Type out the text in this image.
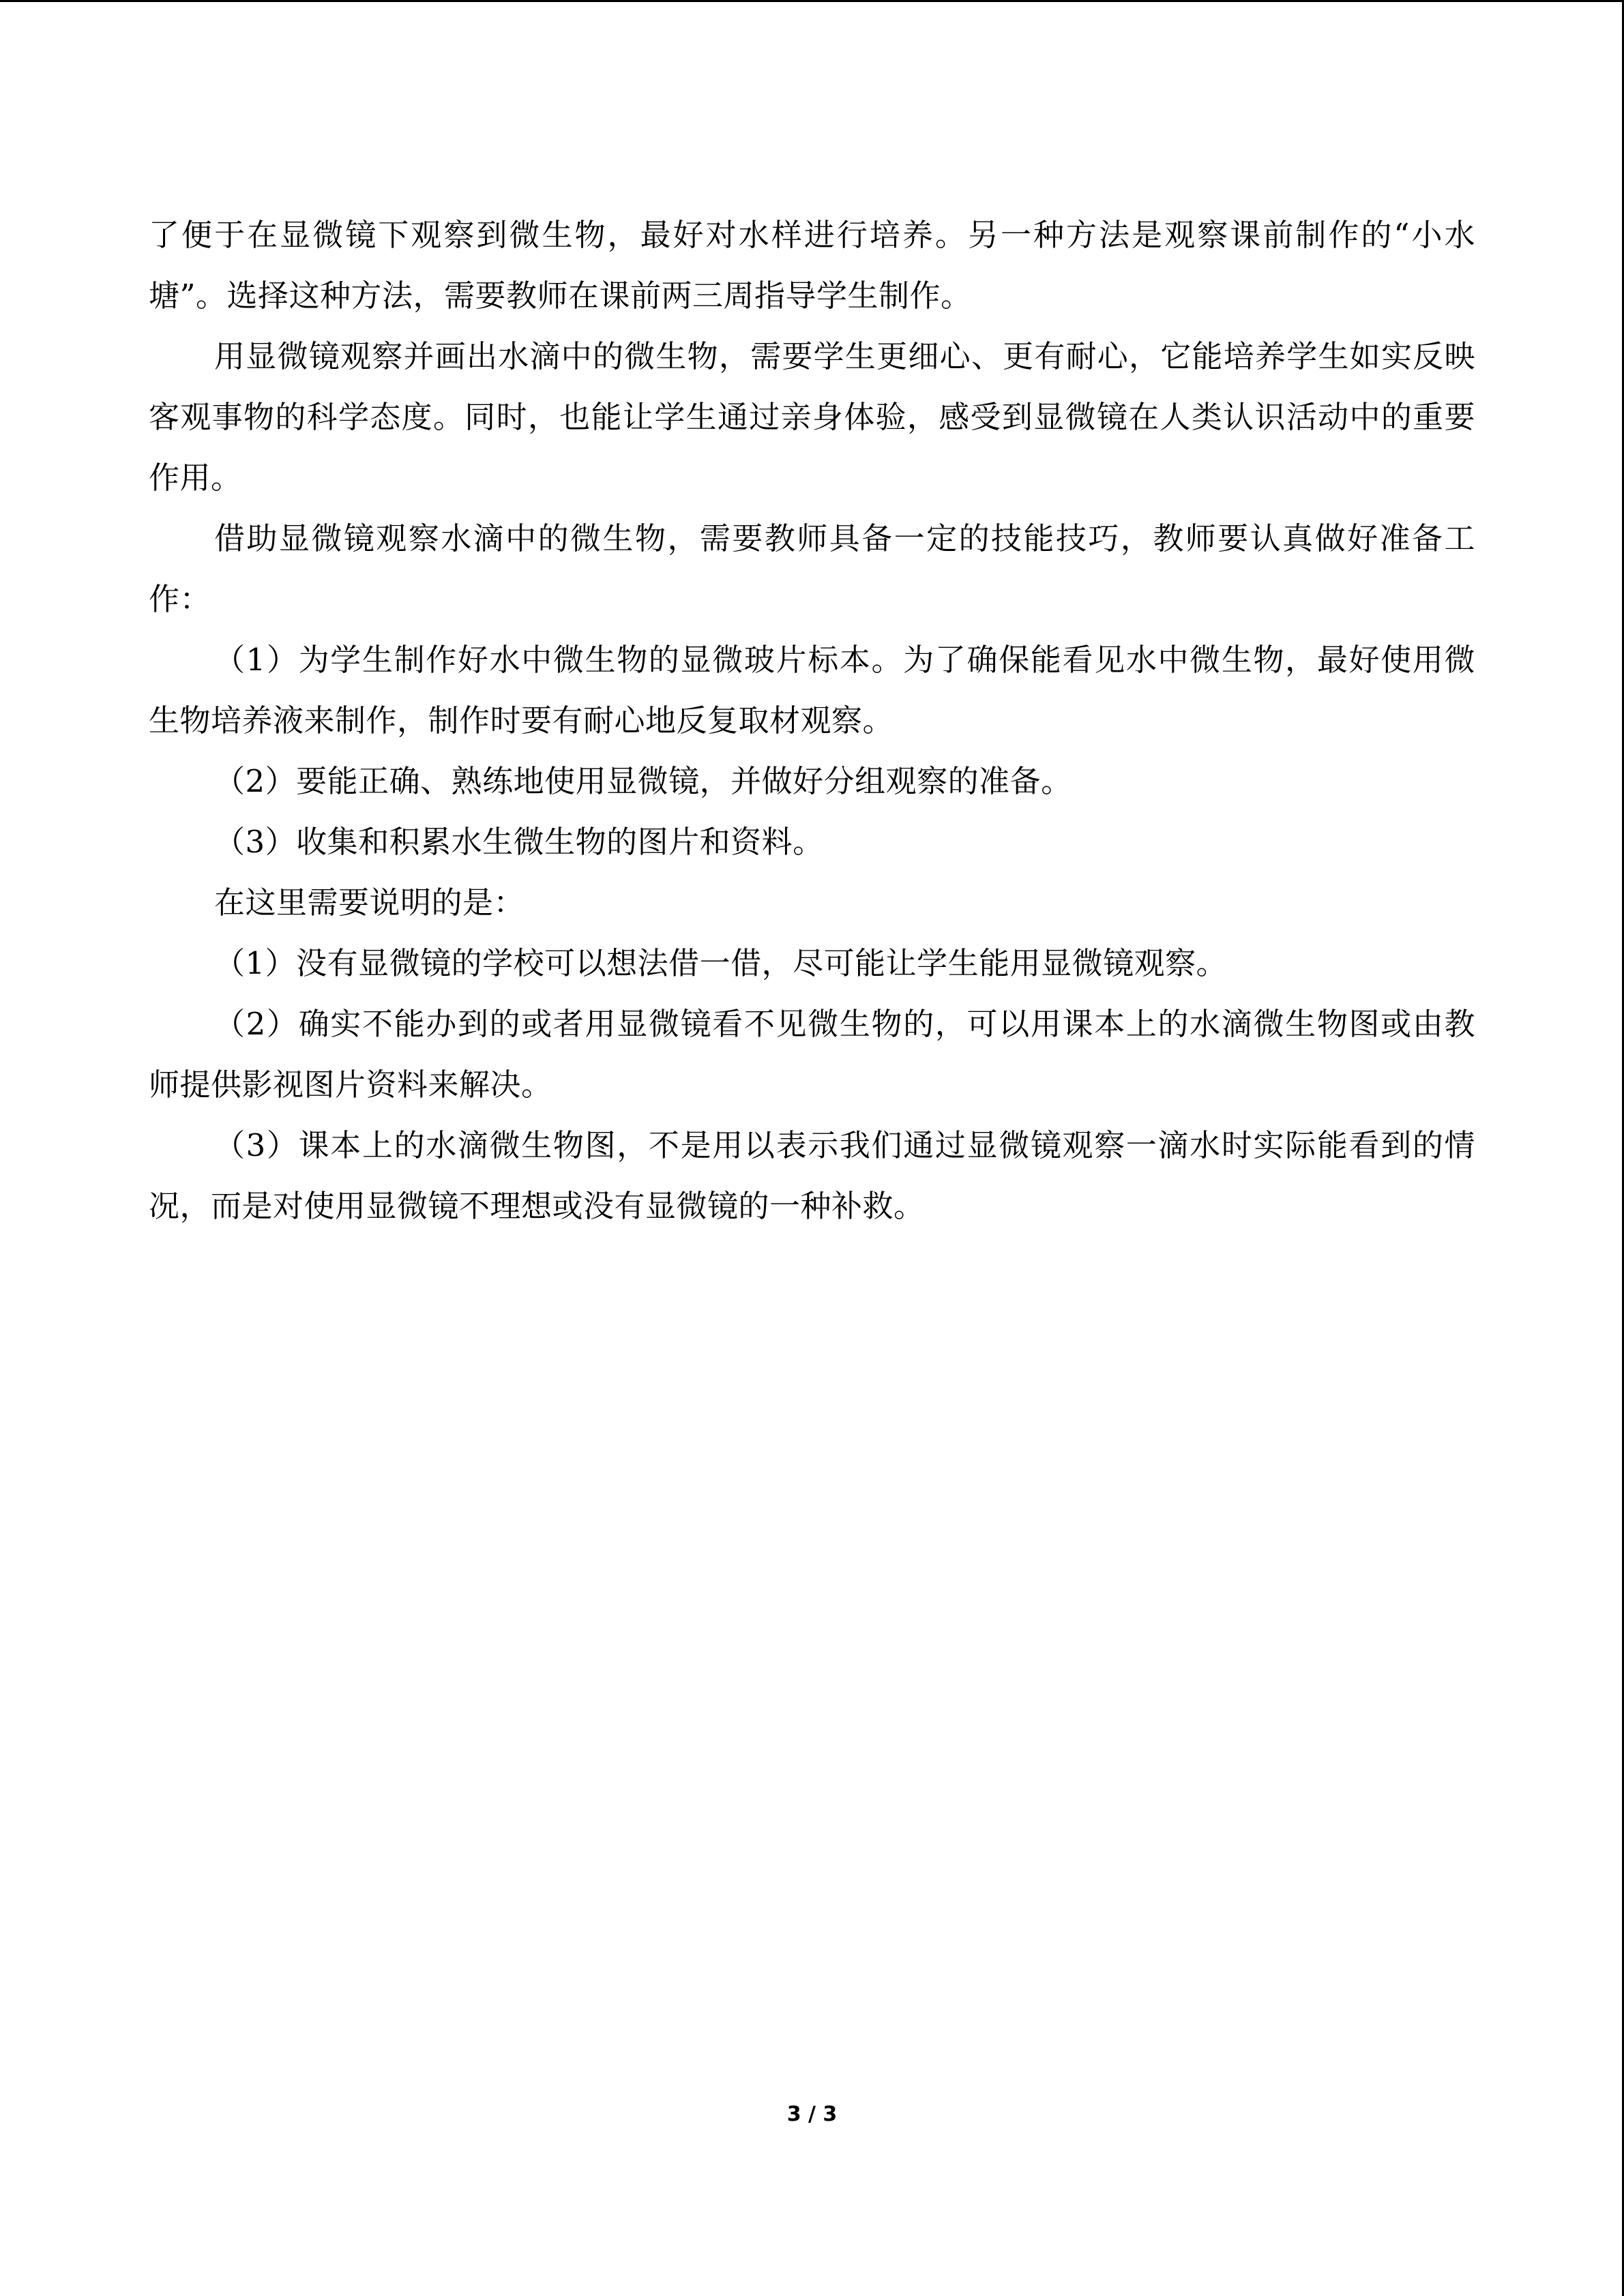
了便于在显微镜下观察到微生物，最好对水样进行培养。另一种方法是观察课前制作的“小水塘”。选择这种方法，需要教师在课前两三周指导学生制作。

用显微镜观察并画出水滴中的微生物，需要学生更细心、更有耐心，它能培养学生如实反映客观事物的科学态度。同时，也能让学生通过亲身体验，感受到显微镜在人类认识活动中的重要作用。

借助显微镜观察水滴中的微生物，需要教师具备一定的技能技巧，教师要认真做好准备工作：

（1）为学生制作好水中微生物的显微玻片标本。为了确保能看见水中微生物，最好使用微生物培养液来制作，制作时要有耐心地反复取材观察。

（2）要能正确、熟练地使用显微镜，并做好分组观察的准备。

（3）收集和积累水生微生物的图片和资料。

在这里需要说明的是：

（1）没有显微镜的学校可以想法借一借，尽可能让学生能用显微镜观察。

（2）确实不能办到的或者用显微镜看不见微生物的，可以用课本上的水滴微生物图或由教师提供影视图片资料来解决。

（3）课本上的水滴微生物图，不是用以表示我们通过显微镜观察一滴水时实际能看到的情况，而是对使用显微镜不理想或没有显微镜的一种补救。

3 / 3
